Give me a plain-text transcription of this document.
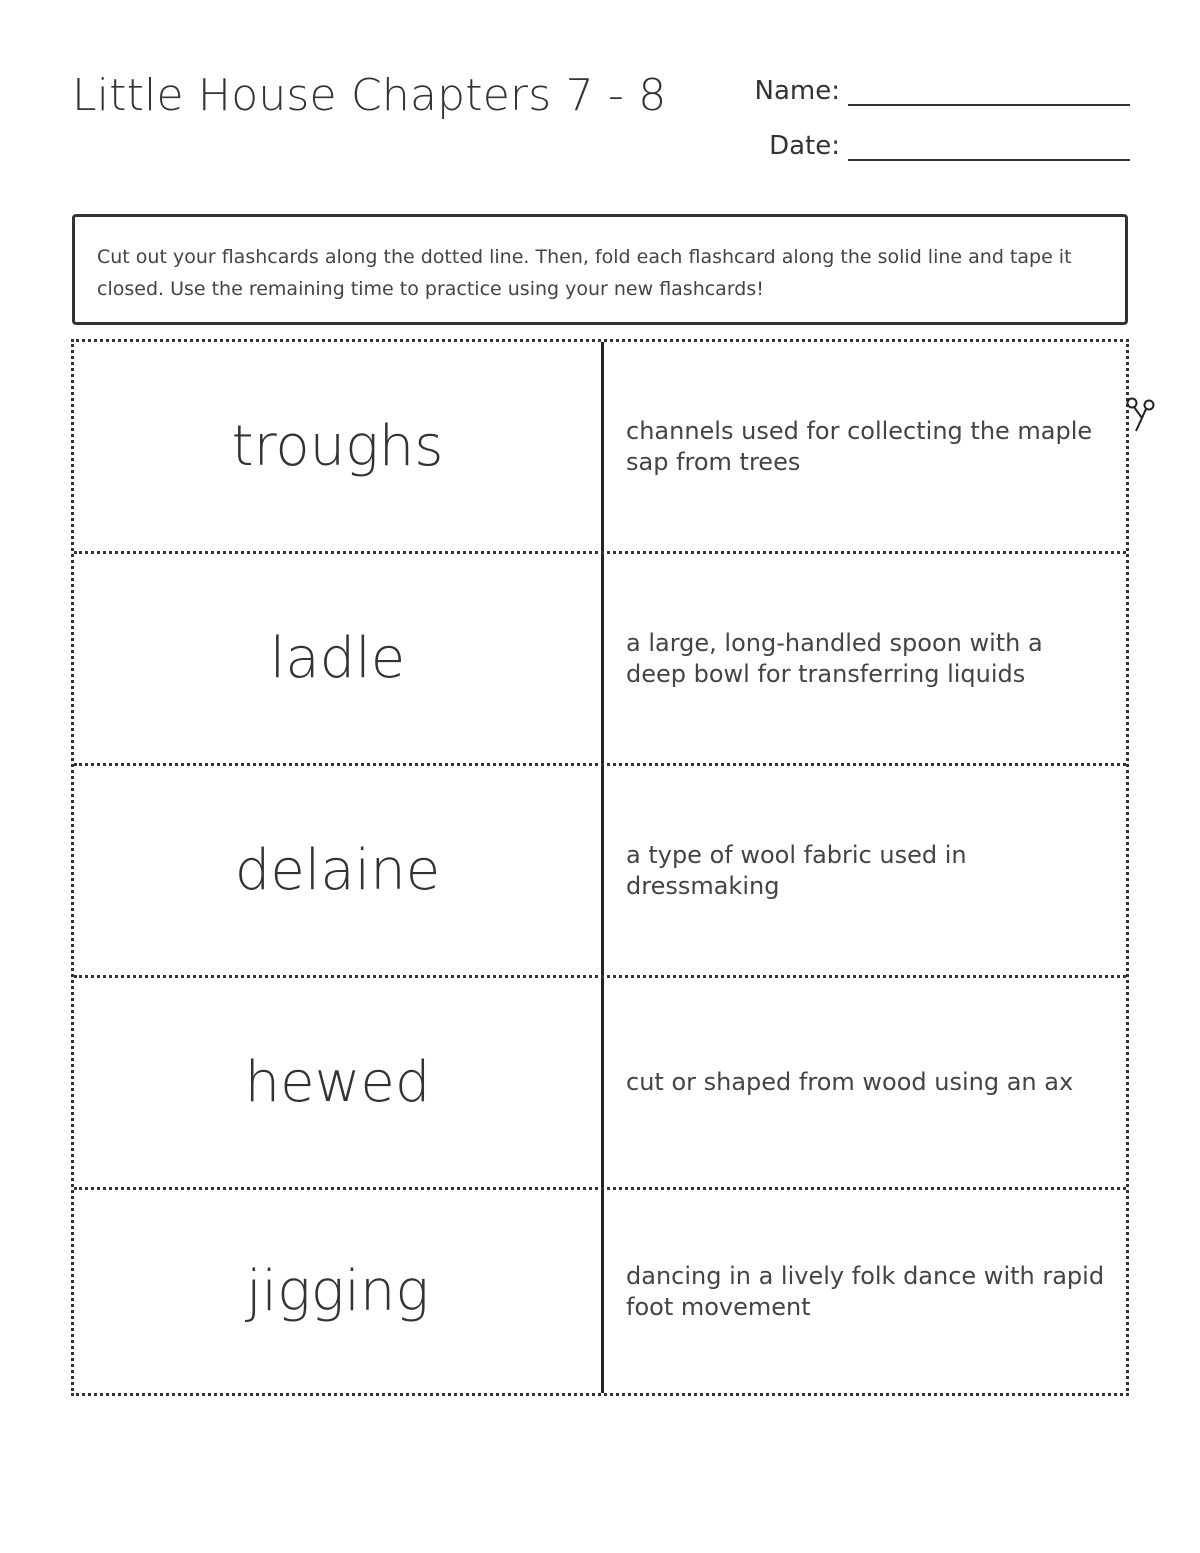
Little House Chapters 7 - 8	Name:
Date:
Cut out your flashcards along the dotted line. Then, fold each flashcard along the solid line and tape it closed. Use the remaining time to practice using your new flashcards!
troughs	channels used for collecting the maple sap from trees
ladle	a large, long-handled spoon with a deep bowl for transferring liquids
delaine	a type of wool fabric used in dressmaking
hewed	cut or shaped from wood using an ax
jigging	dancing in a lively folk dance with rapid foot movement
